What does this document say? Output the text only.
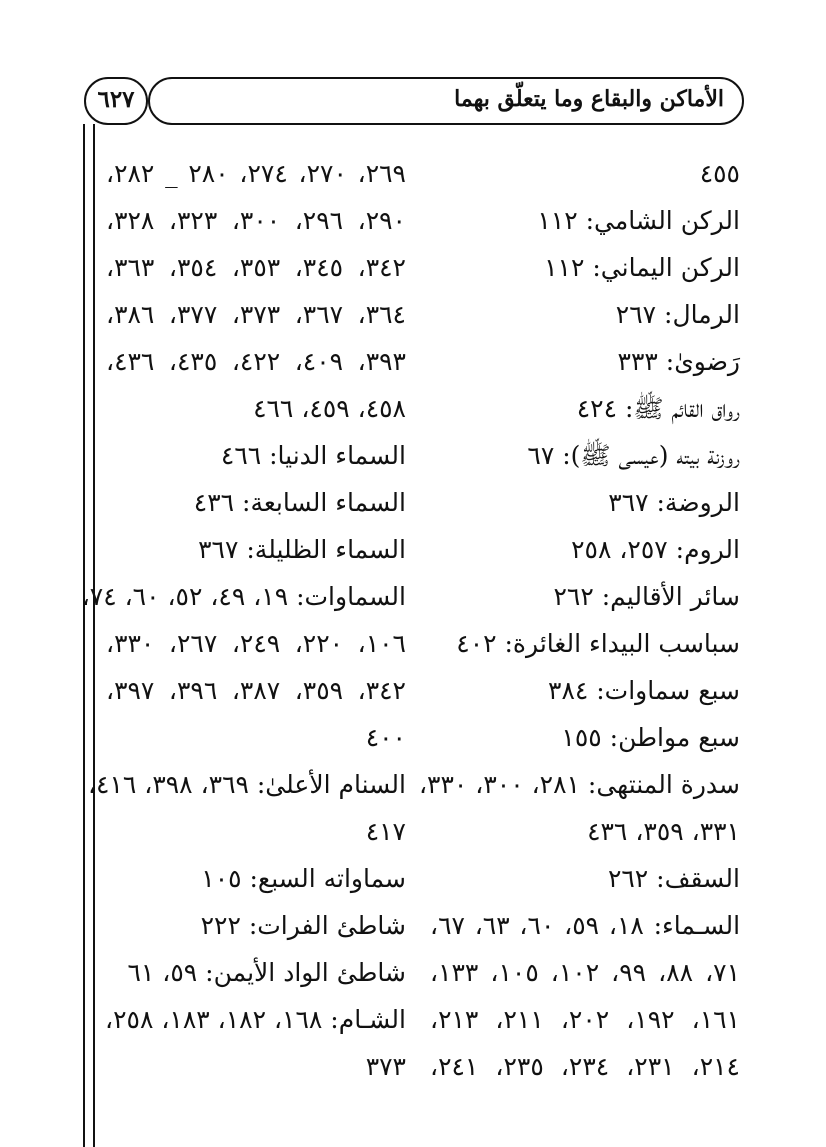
الأماكن والبقاع وما يتعلّق بهما
٦٢٧
٤٥٥
الركن الشامي: ١١٢
الركن اليماني: ١١٢
الرمال: ٢٦٧
رَضوىٰ: ٣٣٣
رواق القائم ﷺ: ٤٢٤
روزنة بيته (عيسى ﷺ): ٦٧
الروضة: ٣٦٧
الروم: ٢٥٧، ٢٥٨
سائر الأقاليم: ٢٦٢
سباسب البيداء الغائرة: ٤٠٢
سبع سماوات: ٣٨٤
سبع مواطن: ١٥٥
سدرة المنتهى: ٢٨١، ٣٠٠، ٣٣٠،
٣٣١، ٣٥٩، ٤٣٦
السقف: ٢٦٢
السـماء: ١٨، ٥٩، ٦٠، ٦٣، ٦٧،
٧١، ٨٨، ٩٩، ١٠٢، ١٠٥، ١٣٣،
١٦١، ١٩٢، ٢٠٢، ٢١١، ٢١٣،
٢١٤، ٢٣١، ٢٣٤، ٢٣٥، ٢٤١،
٢٦٩، ٢٧٠، ٢٧٤، ٢٨٠ _ ٢٨٢،
٢٩٠، ٢٩٦، ٣٠٠، ٣٢٣، ٣٢٨،
٣٤٢، ٣٤٥، ٣٥٣، ٣٥٤، ٣٦٣،
٣٦٤، ٣٦٧، ٣٧٣، ٣٧٧، ٣٨٦،
٣٩٣، ٤٠٩، ٤٢٢، ٤٣٥، ٤٣٦،
٤٥٨، ٤٥٩، ٤٦٦
السماء الدنيا: ٤٦٦
السماء السابعة: ٤٣٦
السماء الظليلة: ٣٦٧
السماوات: ١٩، ٤٩، ٥٢، ٦٠، ٧٤،
١٠٦، ٢٢٠، ٢٤٩، ٢٦٧، ٣٣٠،
٣٤٢، ٣٥٩، ٣٨٧، ٣٩٦، ٣٩٧،
٤٠٠
السنام الأعلىٰ: ٣٦٩، ٣٩٨، ٤١٦،
٤١٧
سماواته السبع: ١٠٥
شاطئ الفرات: ٢٢٢
شاطئ الواد الأيمن: ٥٩، ٦١
الشـام: ١٦٨، ١٨٢، ١٨٣، ٢٥٨،
٣٧٣
